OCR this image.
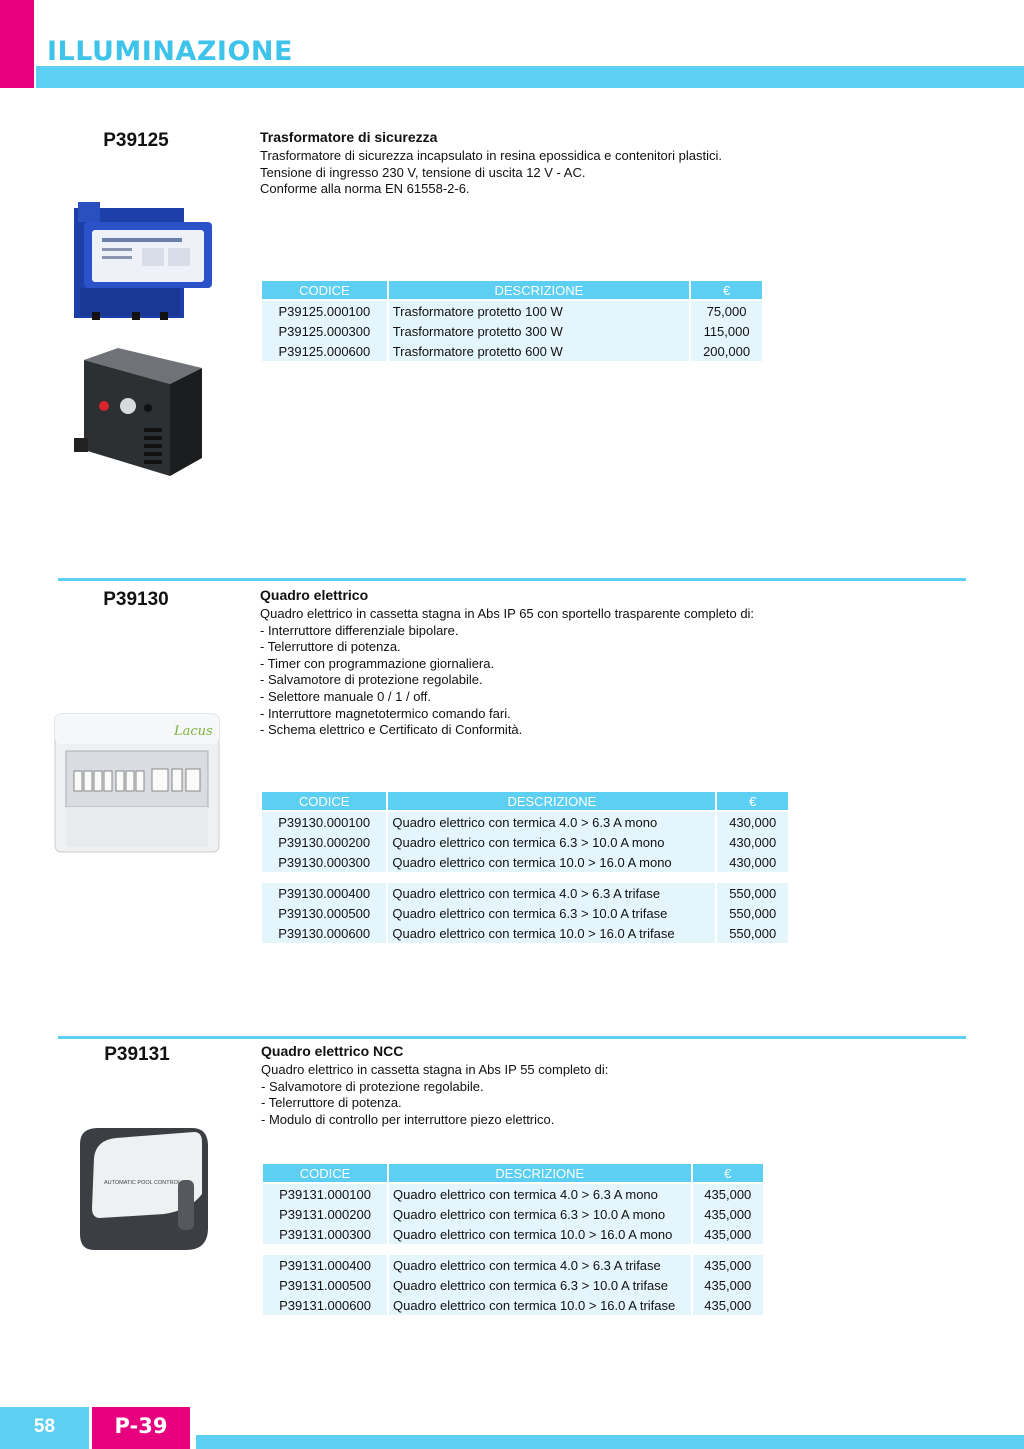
ILLUMINAZIONE
P39125	Trasformatore di sicurezza
Trasformatore di sicurezza incapsulato in resina epossidica e contenitori plastici.
Tensione di ingresso 230 V, tensione di uscita 12 V - AC.
Conforme alla norma EN 61558-2-6.
CODICE	DESCRIZIONE	€
P39125.000100	Trasformatore protetto 100 W	75,000
P39125.000300	Trasformatore protetto 300 W	115,000
P39125.000600	Trasformatore protetto 600 W	200,000
P39130	Quadro elettrico
Quadro elettrico in cassetta stagna in Abs IP 65 con sportello trasparente completo di:
- Interruttore differenziale bipolare.
- Telerruttore di potenza.
- Timer con programmazione giornaliera.
- Salvamotore di protezione regolabile.
- Selettore manuale 0 / 1 / off.
- Interruttore magnetotermico comando fari.
- Schema elettrico e Certificato di Conformità.
Lacus
CODICE	DESCRIZIONE	€
P39130.000100	Quadro elettrico con termica 4.0 > 6.3 A mono	430,000
P39130.000200	Quadro elettrico con termica 6.3 > 10.0 A mono	430,000
P39130.000300	Quadro elettrico con termica 10.0 > 16.0 A mono	430,000

P39130.000400	Quadro elettrico con termica 4.0 > 6.3 A trifase	550,000
P39130.000500	Quadro elettrico con termica 6.3 > 10.0 A trifase	550,000
P39130.000600	Quadro elettrico con termica 10.0 > 16.0 A trifase	550,000
P39131	Quadro elettrico NCC
Quadro elettrico in cassetta stagna in Abs IP 55 completo di:
- Salvamotore di protezione regolabile.
- Telerruttore di potenza.
- Modulo di controllo per interruttore piezo elettrico.
AUTOMATIC POOL CONTROL
CODICE	DESCRIZIONE	€
P39131.000100	Quadro elettrico con termica 4.0 > 6.3 A mono	435,000
P39131.000200	Quadro elettrico con termica 6.3 > 10.0 A mono	435,000
P39131.000300	Quadro elettrico con termica 10.0 > 16.0 A mono	435,000

P39131.000400	Quadro elettrico con termica 4.0 > 6.3 A trifase	435,000
P39131.000500	Quadro elettrico con termica 6.3 > 10.0 A trifase	435,000
P39131.000600	Quadro elettrico con termica 10.0 > 16.0 A trifase	435,000
58	P-39
